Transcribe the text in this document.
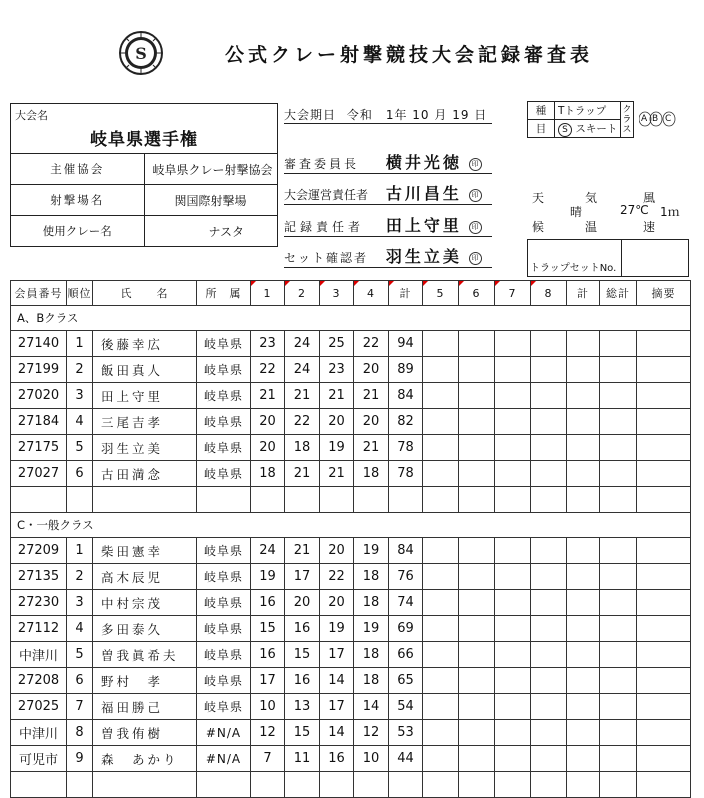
S	公式クレー射撃競技大会記録審査表
大会名
岐阜県選手権	

主催協会	岐阜県クレー射撃協会
射撃場名	関国際射撃場
使用クレー名	ナスタ
大会期日 令和　1年 10 月 19 日
審査委員長 横井光徳 印
大会運営責任者 古川昌生 印
記録責任者 田上守里 印
セット確認者 羽生立美 印
種	Tトラップ	クラス
目	S スキート	
A B C
天
候
晴
気
温
27℃
風
速
1ｍ
トラップセットNo.
会員番号	順位	氏　　名	所　属	1	2	3	4	計	5	6	7	8	計	総計	摘要
A、Bクラス															
27140	1	後藤幸広	岐阜県	23	24	25	22	94							
27199	2	飯田真人	岐阜県	22	24	23	20	89							
27020	3	田上守里	岐阜県	21	21	21	21	84							
27184	4	三尾吉孝	岐阜県	20	22	20	20	82							
27175	5	羽生立美	岐阜県	20	18	19	21	78							
27027	6	古田満念	岐阜県	18	21	21	18	78							

C・一般クラス															
27209	1	柴田憲幸	岐阜県	24	21	20	19	84							
27135	2	高木辰児	岐阜県	19	17	22	18	76							
27230	3	中村宗茂	岐阜県	16	20	20	18	74							
27112	4	多田泰久	岐阜県	15	16	19	19	69							
中津川	5	曽我眞希夫	岐阜県	16	15	17	18	66							
27208	6	野村　孝	岐阜県	17	16	14	18	65							
27025	7	福田勝己	岐阜県	10	13	17	14	54							
中津川	8	曽我侑樹	#N/A	12	15	14	12	53							
可児市	9	森　あかり	#N/A	7	11	16	10	44							
